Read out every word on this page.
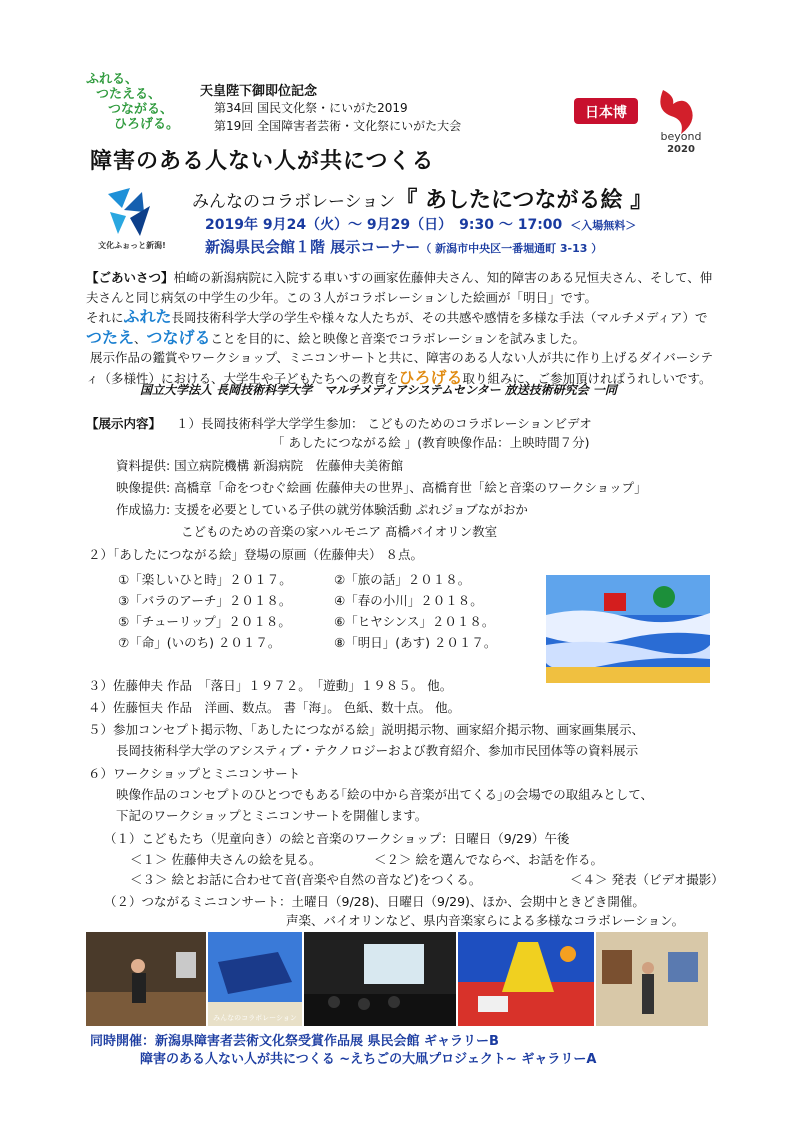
ふれる、
つたえる、
つながる、
ひろげる。
天皇陛下御即位記念
第34回 国民文化祭・にいがた2019
第19回 全国障害者芸術・文化祭にいがた大会
日本博
beyond
2020
障害のある人ない人が共につくる
文化ふぉっと新潟!
みんなのコラボレーション『 あしたにつながる絵 』
2019年 9月24（火）～ 9月29（日）　9:30 ～ 17:00 ＜入場無料＞
新潟県民会館１階 展示コーナー（ 新潟市中央区一番堀通町 3-13 ）
【ごあいさつ】柏崎の新潟病院に入院する車いすの画家佐藤伸夫さん、知的障害のある兄恒夫さん、そして、伸夫さんと同じ病気の中学生の少年。この３人がコラボレーションした絵画が「明日」です。
それにふれた長岡技術科学大学の学生や様々な人たちが、その共感や感情を多様な手法（マルチメディア）でつたえ、つなげることを目的に、絵と映像と音楽でコラボレーションを試みました。
展示作品の鑑賞やワークショップ、ミニコンサートと共に、障害のある人ない人が共に作り上げるダイバーシティ（多様性）における、大学生や子どもたちへの教育をひろげる取り組みに、ご参加頂ければうれしいです。
国立大学法人 長岡技術科学大学　マルチメディアシステムセンター 放送技術研究会 一同
【展示内容】 １）長岡技術科学大学学生参加： こどものためのコラボレーションビデオ
「 あしたにつながる絵 」(教育映像作品：上映時間７分)
資料提供: 国立病院機構 新潟病院　佐藤伸夫美術館
映像提供: 高橋章「命をつむぐ絵画 佐藤伸夫の世界」、高橋育世「絵と音楽のワークショップ」
作成協力: 支援を必要としている子供の就労体験活動 ぷれジョブながおか
こどものための音楽の家ハルモニア 髙橋バイオリン教室
２）「あしたにつながる絵」登場の原画（佐藤伸夫） ８点。
①「楽しいひと時」２０１７。	②「旅の話」２０１８。
③「バラのアーチ」２０１８。	④「春の小川」２０１８。
⑤「チューリップ」２０１８。	⑥「ヒヤシンス」２０１８。
⑦「命」(いのち) ２０１７。	⑧「明日」(あす) ２０１７。
３）佐藤伸夫 作品　「落日」１９７２。　「遊動」１９８５。 他。
４）佐藤恒夫 作品　洋画、数点。 書「海」。 色紙、数十点。 他。
５）参加コンセプト掲示物、「あしたにつながる絵」説明掲示物、画家紹介掲示物、画家画集展示、
長岡技術科学大学のアシスティブ・テクノロジーおよび教育紹介、参加市民団体等の資料展示
６）ワークショップとミニコンサート
映像作品のコンセプトのひとつでもある｢絵の中から音楽が出てくる｣の会場での取組みとして、
下記のワークショップとミニコンサートを開催します。
（１）こどもたち（児童向き）の絵と音楽のワークショップ：日曜日（9/29）午後
＜１＞ 佐藤伸夫さんの絵を見る。	＜２＞ 絵を選んでならべ、お話を作る。
＜３＞ 絵とお話に合わせて音(音楽や自然の音など)をつくる。	＜４＞ 発表（ビデオ撮影）
（２）つながるミニコンサート：土曜日（9/28)、日曜日（9/29)、ほか、会期中ときどき開催。
声楽、バイオリンなど、県内音楽家らによる多様なコラボレーション。
みんなのコラボレーション
同時開催：新潟県障害者芸術文化祭受賞作品展 県民会館 ギャラリーB
障害のある人ない人が共につくる ~えちごの大凧プロジェクト~ ギャラリーA
